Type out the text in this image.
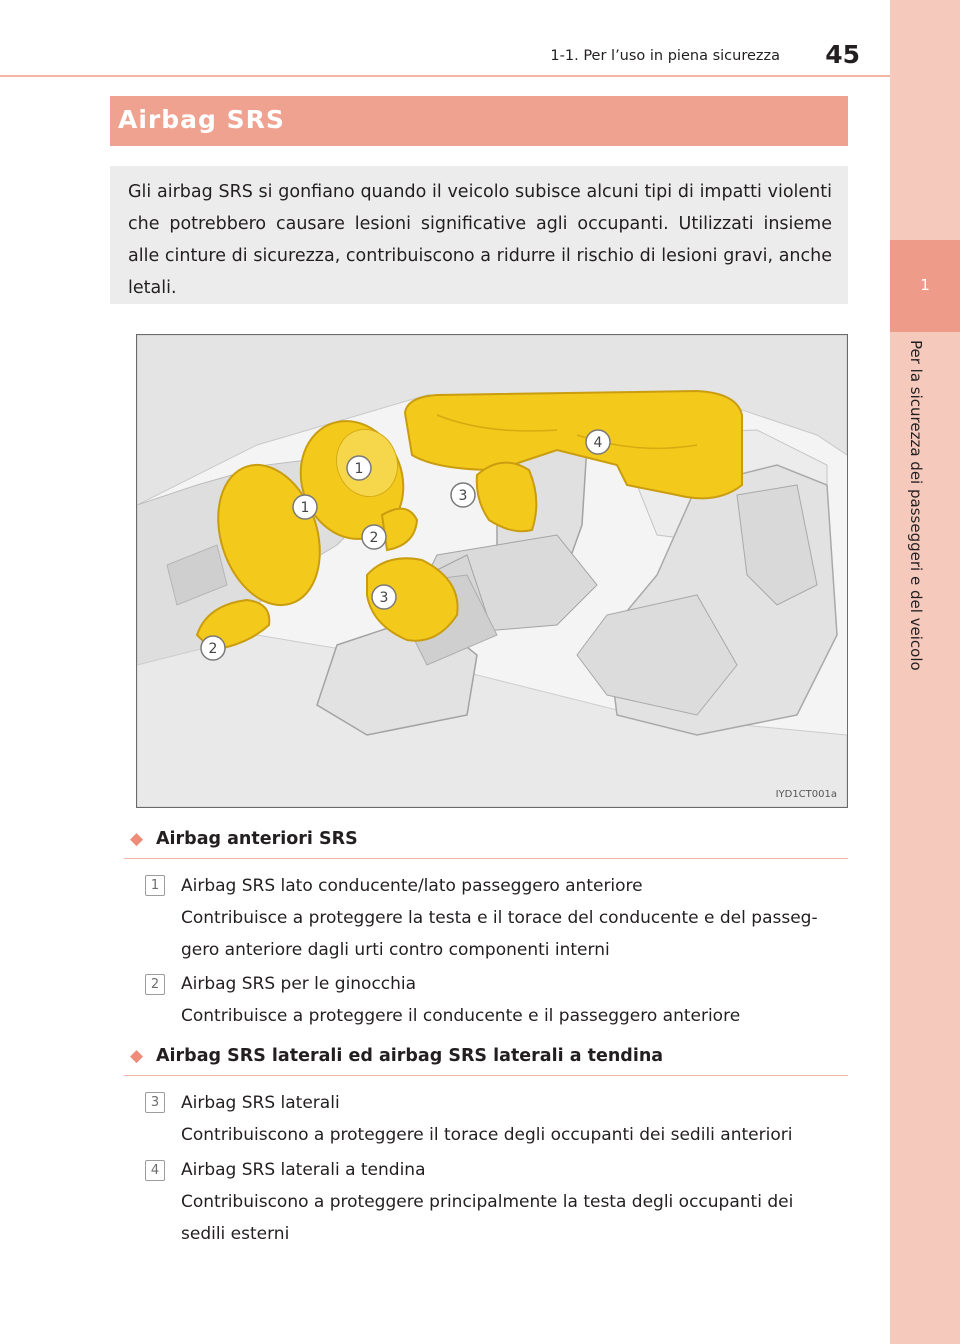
1
Per la sicurezza dei passeggeri e del veicolo
1-1. Per l’uso in piena sicurezza	45
Airbag SRS
Gli airbag SRS si gonfiano quando il veicolo subisce alcuni tipi di impatti violenti che potrebbero causare lesioni significative agli occupanti. Utilizzati insieme alle cinture di sicurezza, contribuiscono a ridurre il rischio di lesioni gravi, anche letali.
1
1
2
2
3
3
4
IYD1CT001a
◆ Airbag anteriori SRS
1	Airbag SRS lato conducente/lato passeggero anteriore
Contribuisce a proteggere la testa e il torace del conducente e del passeg-
gero anteriore dagli urti contro componenti interni
2	Airbag SRS per le ginocchia
Contribuisce a proteggere il conducente e il passeggero anteriore
◆ Airbag SRS laterali ed airbag SRS laterali a tendina
3	Airbag SRS laterali
Contribuiscono a proteggere il torace degli occupanti dei sedili anteriori
4	Airbag SRS laterali a tendina
Contribuiscono a proteggere principalmente la testa degli occupanti dei
sedili esterni
